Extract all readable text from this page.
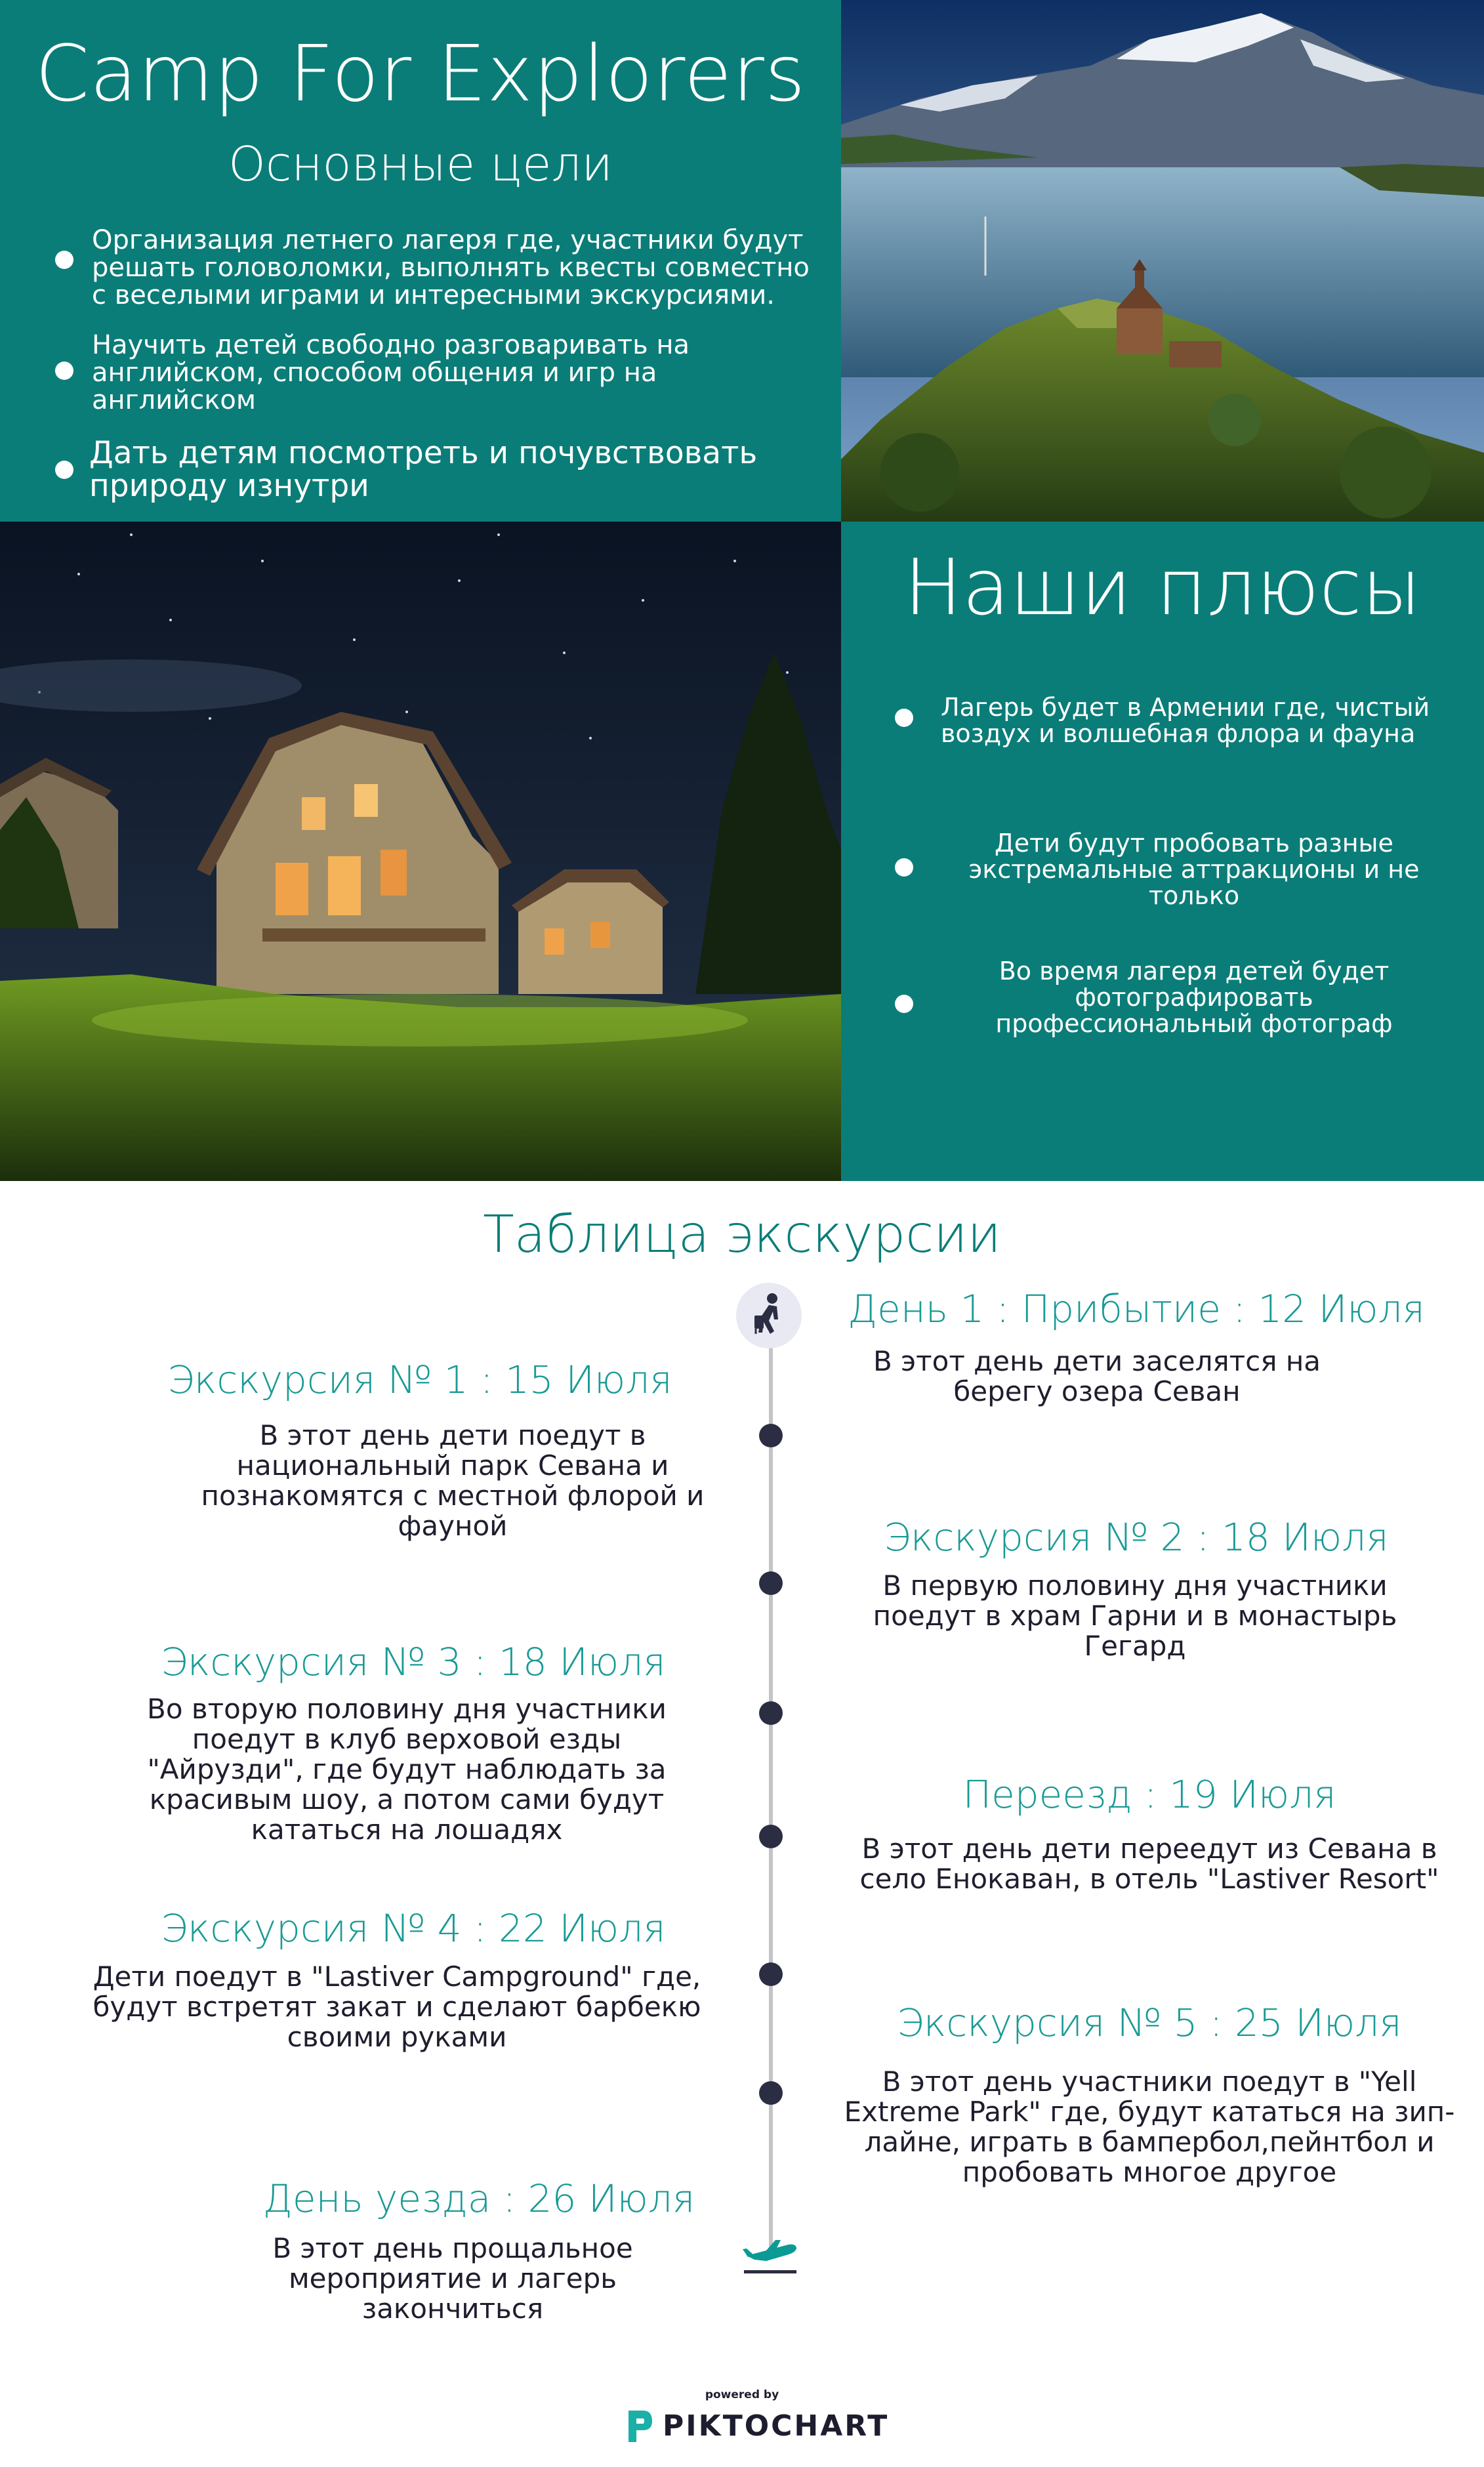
Camp For Explorers
Основные цели
Организация летнего лагеря где, участники будут решать головоломки, выполнять квесты совместно с веселыми играми и интересными экскурсиями.
Научить детей свободно разговаривать на английском, способом общения и игр на английском
Дать детям посмотреть и почувствовать природу изнутри
Наши плюсы
Лагерь будет в Армении где, чистый воздух и волшебная флора и фауна
Дети будут пробовать разные экстремальные аттракционы и не только
Во время лагеря детей будет фотографировать профессиональный фотограф
Таблица экскурсии
День 1 : Прибытие : 12 Июля
В этот день дети заселятся на берегу озера Севан
Экскурсия № 1 : 15 Июля
В этот день дети поедут в национальный парк Севана и познакомятся с местной флорой и фауной	Экскурсия № 2 : 18 Июля
В первую половину дня участники поедут в храм Гарни и в монастырь Гегард
Экскурсия № 3 : 18 Июля
Во вторую половину дня участники поедут в клуб верховой езды "Айрузди", где будут наблюдать за красивым шоу, а потом сами будут кататься на лошадях
Переезд : 19 Июля
В этот день дети переедут из Севана в село Енокаван, в отель "Lastiver Resort"
Экскурсия № 4 : 22 Июля
Дети поедут в "Lastiver Campground" где, будут встретят закат и сделают барбекю своими руками	Экскурсия № 5 : 25 Июля
В этот день участники поедут в "Yell Extreme Park" где, будут кататься на зип-лайне, играть в бампербол,пейнтбол и пробовать многое другое
День уезда : 26 Июля
В этот день прощальное мероприятие и лагерь закончиться
powered by
PIKTOCHART
